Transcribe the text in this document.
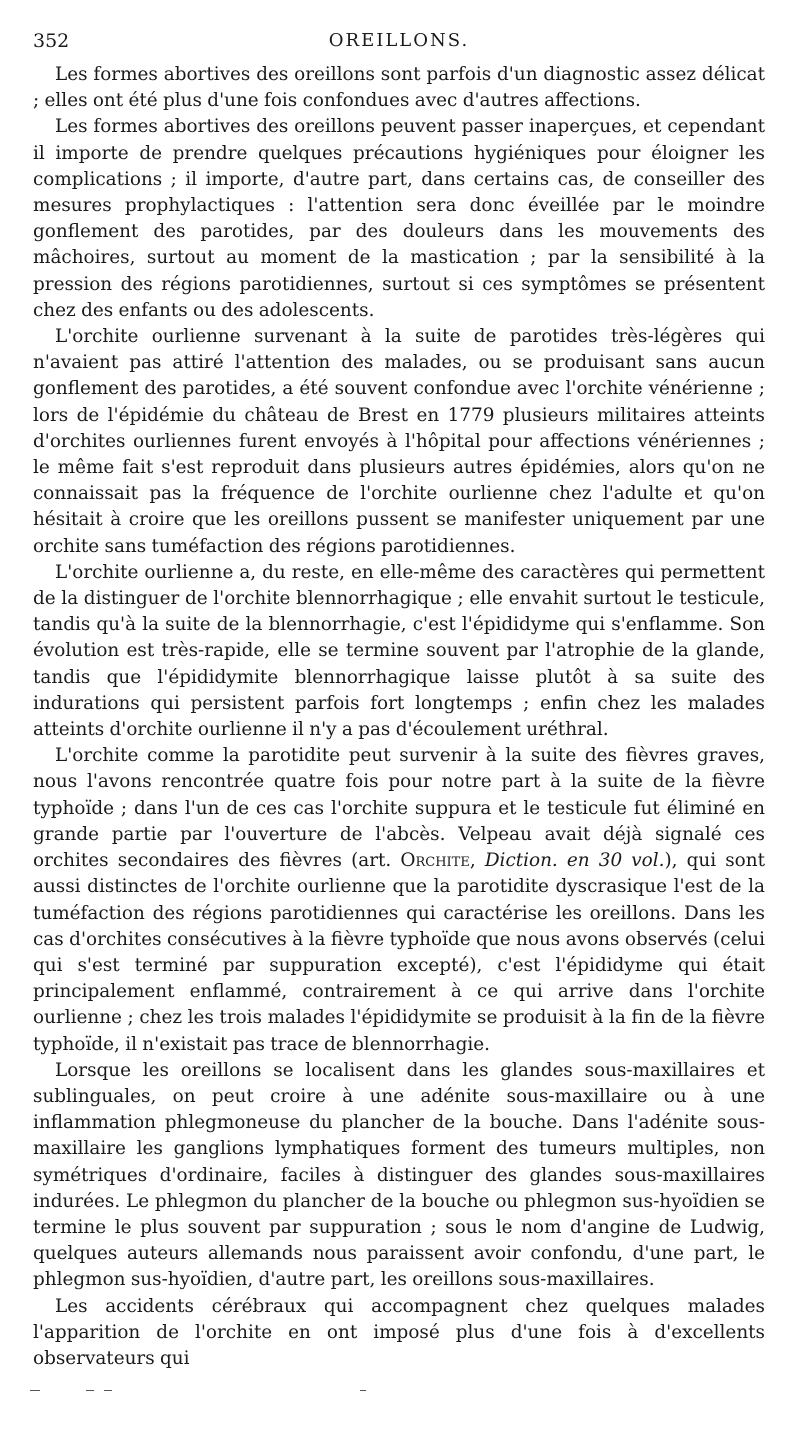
352	OREILLONS.

Les formes abortives des oreillons sont parfois d'un diagnostic assez délicat ; elles ont été plus d'une fois confondues avec d'autres affections.

Les formes abortives des oreillons peuvent passer inaperçues, et cependant il importe de prendre quelques précautions hygiéniques pour éloigner les complications ; il importe, d'autre part, dans certains cas, de conseiller des mesures prophylactiques : l'attention sera donc éveillée par le moindre gonflement des parotides, par des douleurs dans les mouvements des mâchoires, surtout au moment de la mastication ; par la sensibilité à la pression des régions parotidiennes, surtout si ces symptômes se présentent chez des enfants ou des adolescents.

L'orchite ourlienne survenant à la suite de parotides très-légères qui n'avaient pas attiré l'attention des malades, ou se produisant sans aucun gonflement des parotides, a été souvent confondue avec l'orchite vénérienne ; lors de l'épidémie du château de Brest en 1779 plusieurs militaires atteints d'orchites ourliennes furent envoyés à l'hôpital pour affections vénériennes ; le même fait s'est reproduit dans plusieurs autres épidémies, alors qu'on ne connaissait pas la fréquence de l'orchite ourlienne chez l'adulte et qu'on hésitait à croire que les oreillons pussent se manifester uniquement par une orchite sans tuméfaction des régions parotidiennes.

L'orchite ourlienne a, du reste, en elle-même des caractères qui permettent de la distinguer de l'orchite blennorrhagique ; elle envahit surtout le testicule, tandis qu'à la suite de la blennorrhagie, c'est l'épididyme qui s'enflamme. Son évolution est très-rapide, elle se termine souvent par l'atrophie de la glande, tandis que l'épididymite blennorrhagique laisse plutôt à sa suite des indurations qui persistent parfois fort longtemps ; enfin chez les malades atteints d'orchite ourlienne il n'y a pas d'écoulement uréthral.

L'orchite comme la parotidite peut survenir à la suite des fièvres graves, nous l'avons rencontrée quatre fois pour notre part à la suite de la fièvre typhoïde ; dans l'un de ces cas l'orchite suppura et le testicule fut éliminé en grande partie par l'ouverture de l'abcès. Velpeau avait déjà signalé ces orchites secondaires des fièvres (art. Orchite, Diction. en 30 vol.), qui sont aussi distinctes de l'orchite ourlienne que la parotidite dyscrasique l'est de la tuméfaction des régions parotidiennes qui caractérise les oreillons. Dans les cas d'orchites consécutives à la fièvre typhoïde que nous avons observés (celui qui s'est terminé par suppuration excepté), c'est l'épididyme qui était principalement enflammé, contrairement à ce qui arrive dans l'orchite ourlienne ; chez les trois malades l'épididymite se produisit à la fin de la fièvre typhoïde, il n'existait pas trace de blennorrhagie.

Lorsque les oreillons se localisent dans les glandes sous-maxillaires et sublinguales, on peut croire à une adénite sous-maxillaire ou à une inflammation phlegmoneuse du plancher de la bouche. Dans l'adénite sous-maxillaire les ganglions lymphatiques forment des tumeurs multiples, non symétriques d'ordinaire, faciles à distinguer des glandes sous-maxillaires indurées. Le phlegmon du plancher de la bouche ou phlegmon sus-hyoïdien se termine le plus souvent par suppuration ; sous le nom d'angine de Ludwig, quelques auteurs allemands nous paraissent avoir confondu, d'une part, le phlegmon sus-hyoïdien, d'autre part, les oreillons sous-maxillaires.

Les accidents cérébraux qui accompagnent chez quelques malades l'apparition de l'orchite en ont imposé plus d'une fois à d'excellents observateurs qui
